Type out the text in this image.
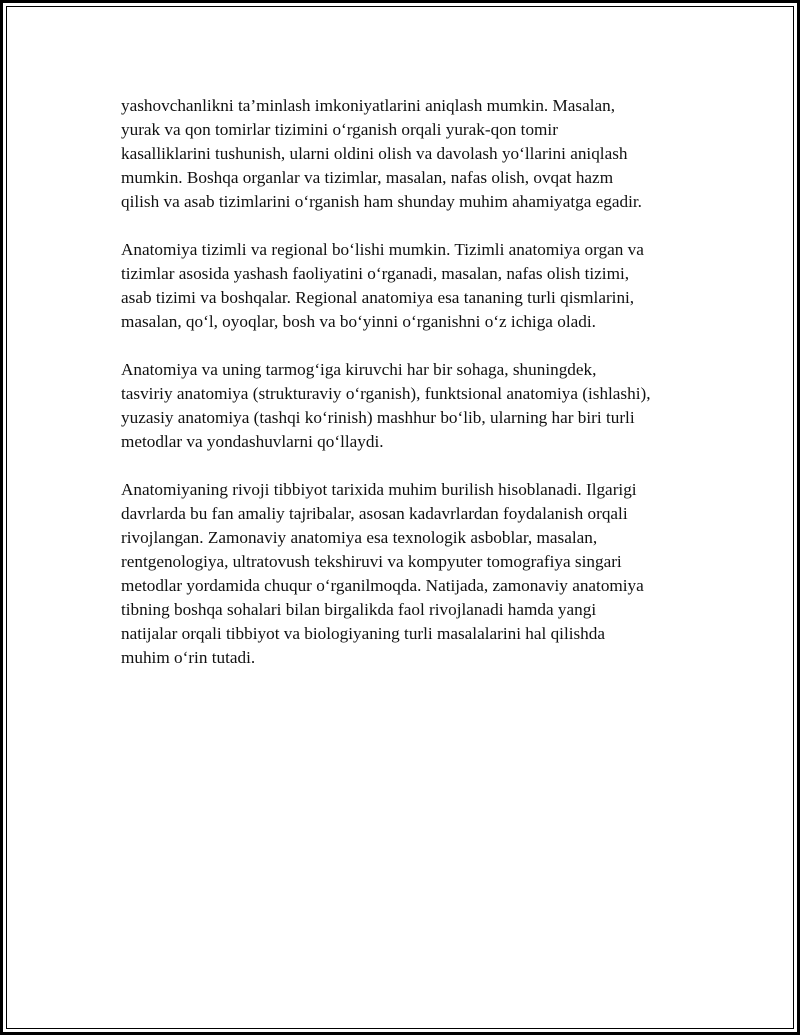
yashovchanlikni ta’minlash imkoniyatlarini aniqlash mumkin. Masalan,
yurak va qon tomirlar tizimini o‘rganish orqali yurak-qon tomir
kasalliklarini tushunish, ularni oldini olish va davolash yo‘llarini aniqlash
mumkin. Boshqa organlar va tizimlar, masalan, nafas olish, ovqat hazm
qilish va asab tizimlarini o‘rganish ham shunday muhim ahamiyatga egadir.

Anatomiya tizimli va regional bo‘lishi mumkin. Tizimli anatomiya organ va
tizimlar asosida yashash faoliyatini o‘rganadi, masalan, nafas olish tizimi,
asab tizimi va boshqalar. Regional anatomiya esa tananing turli qismlarini,
masalan, qo‘l, oyoqlar, bosh va bo‘yinni o‘rganishni o‘z ichiga oladi.

Anatomiya va uning tarmog‘iga kiruvchi har bir sohaga, shuningdek,
tasviriy anatomiya (strukturaviy o‘rganish), funktsional anatomiya (ishlashi),
yuzasiy anatomiya (tashqi ko‘rinish) mashhur bo‘lib, ularning har biri turli
metodlar va yondashuvlarni qo‘llaydi.

Anatomiyaning rivoji tibbiyot tarixida muhim burilish hisoblanadi. Ilgarigi
davrlarda bu fan amaliy tajribalar, asosan kadavrlardan foydalanish orqali
rivojlangan. Zamonaviy anatomiya esa texnologik asboblar, masalan,
rentgenologiya, ultratovush tekshiruvi va kompyuter tomografiya singari
metodlar yordamida chuqur o‘rganilmoqda. Natijada, zamonaviy anatomiya
tibning boshqa sohalari bilan birgalikda faol rivojlanadi hamda yangi
natijalar orqali tibbiyot va biologiyaning turli masalalarini hal qilishda
muhim o‘rin tutadi.
